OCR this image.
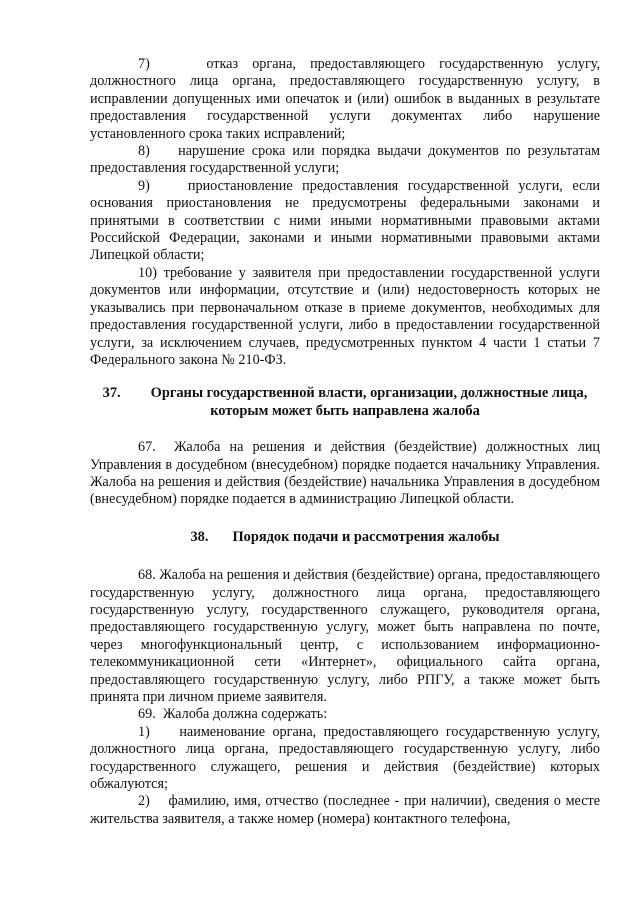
7)    отказ органа, предоставляющего государственную услугу, должностного лица органа, предоставляющего государственную услугу, в исправлении допущенных ими опечаток и (или) ошибок в выданных в результате предоставления государственной услуги документах либо нарушение установленного срока таких исправлений;

8)    нарушение срока или порядка выдачи документов по результатам предоставления государственной услуги;

9)    приостановление предоставления государственной услуги, если основания приостановления не предусмотрены федеральными законами и принятыми в соответствии с ними иными нормативными правовыми актами Российской Федерации, законами и иными нормативными правовыми актами Липецкой области;

10) требование у заявителя при предоставлении государственной услуги документов или информации, отсутствие и (или) недостоверность которых не указывались при первоначальном отказе в приеме документов, необходимых для предоставления государственной услуги, либо в предоставлении государственной услуги, за исключением случаев, предусмотренных пунктом 4 части 1 статьи 7 Федерального закона № 210-ФЗ.

37. Органы государственной власти, организации, должностные лица, которым может быть направлена жалоба

67.  Жалоба на решения и действия (бездействие) должностных лиц Управления в досудебном (внесудебном) порядке подается начальнику Управления. Жалоба на решения и действия (бездействие) начальника Управления в досудебном (внесудебном) порядке подается в администрацию Липецкой области.

38. Порядок подачи и рассмотрения жалобы

68. Жалоба на решения и действия (бездействие) органа, предоставляющего государственную услугу, должностного лица органа, предоставляющего государственную услугу, государственного служащего, руководителя органа, предоставляющего государственную услугу, может быть направлена по почте, через многофункциональный центр, с использованием информационно-телекоммуникационной сети «Интернет», официального сайта органа, предоставляющего государственную услугу, либо РПГУ, а также может быть принята при личном приеме заявителя.

69.  Жалоба должна содержать:

1)    наименование органа, предоставляющего государственную услугу, должностного лица органа, предоставляющего государственную услугу, либо государственного служащего, решения и действия (бездействие) которых обжалуются;

2)    фамилию, имя, отчество (последнее - при наличии), сведения о месте жительства заявителя, а также номер (номера) контактного телефона,
